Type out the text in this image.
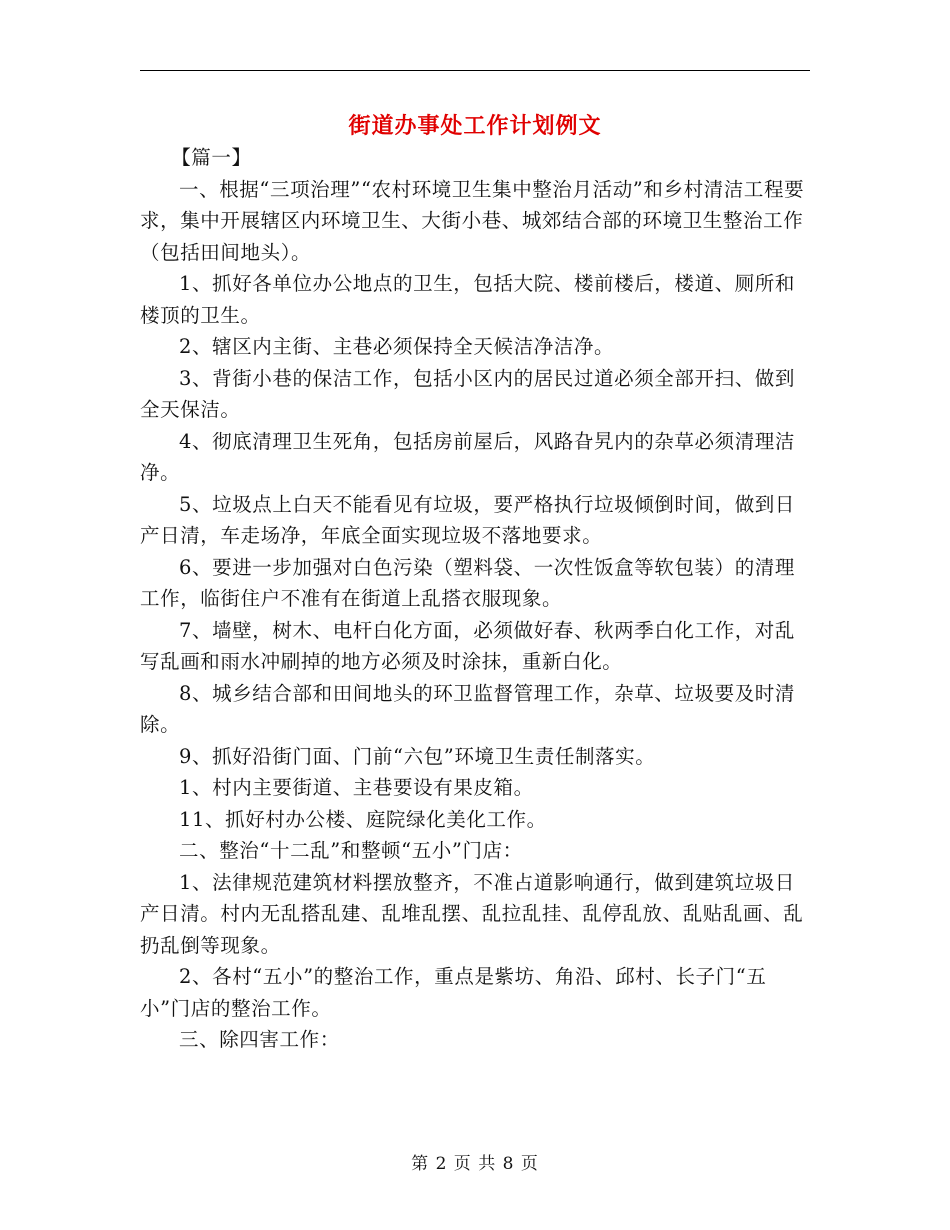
街道办事处工作计划例文

【篇一】

一、根据“三项治理”“农村环境卫生集中整治月活动”和乡村清洁工程要求，集中开展辖区内环境卫生、大街小巷、城郊结合部的环境卫生整治工作（包括田间地头）。

1、抓好各单位办公地点的卫生，包括大院、楼前楼后，楼道、厕所和楼顶的卫生。

2、辖区内主街、主巷必须保持全天候洁净洁净。

3、背街小巷的保洁工作，包括小区内的居民过道必须全部开扫、做到全天保洁。

4、彻底清理卫生死角，包括房前屋后，风路旮旯内的杂草必须清理洁净。

5、垃圾点上白天不能看见有垃圾，要严格执行垃圾倾倒时间，做到日产日清，车走场净，年底全面实现垃圾不落地要求。

6、要进一步加强对白色污染（塑料袋、一次性饭盒等软包装）的清理工作，临街住户不准有在街道上乱搭衣服现象。

7、墙壁，树木、电杆白化方面，必须做好春、秋两季白化工作，对乱写乱画和雨水冲刷掉的地方必须及时涂抹，重新白化。

8、城乡结合部和田间地头的环卫监督管理工作，杂草、垃圾要及时清除。

9、抓好沿街门面、门前“六包”环境卫生责任制落实。

1、村内主要街道、主巷要设有果皮箱。

11、抓好村办公楼、庭院绿化美化工作。

二、整治“十二乱”和整顿“五小”门店：

1、法律规范建筑材料摆放整齐，不准占道影响通行，做到建筑垃圾日产日清。村内无乱搭乱建、乱堆乱摆、乱拉乱挂、乱停乱放、乱贴乱画、乱扔乱倒等现象。

2、各村“五小”的整治工作，重点是紫坊、角沿、邱村、长子门“五小”门店的整治工作。

三、除四害工作：

第 2 页 共 8 页
